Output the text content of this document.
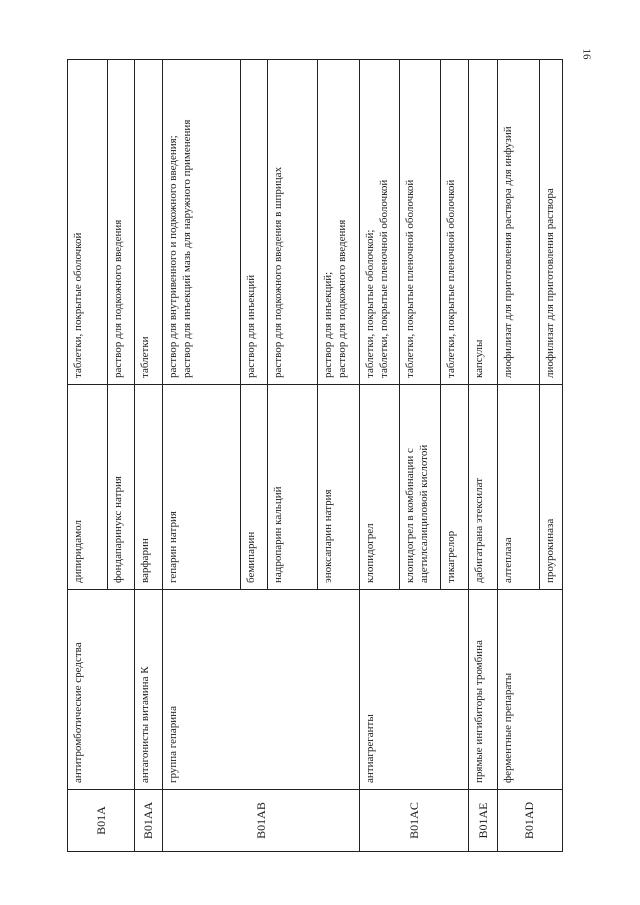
16
B01A	антитромботические средства	дипиридамол	таблетки, покрытые оболочкой

		фондапаринукс натрия	раствор для подкожного введения

B01AA	антагонисты витамина К	варфарин	таблетки

B01AB	группа гепарина	гепарин натрия	раствор для внутривенного и подкожного введения; раствор для инъекций мазь для наружного применения

		бемипарин	раствор для инъекций

		надропарин кальций	раствор для подкожного введения в шприцах

		эноксапарин натрия	раствор для инъекций; раствор для подкожного введения

B01AC	антиагреганты	клопидогрел	таблетки, покрытые оболочкой; таблетки, покрытые пленочной оболочкой

		клопидогрел в комбинации с ацетилсалициловой кислотой	таблетки, покрытые пленочной оболочкой

		тикагрелор	таблетки, покрытые пленочной оболочкой

B01AE	прямые ингибиторы тромбина	дабигатрана этексилат	капсулы

B01AD	ферментные препараты	алтеплаза	лиофилизат для приготовления раствора для инфузий

		проурокиназа	лиофилизат для приготовления раствора
